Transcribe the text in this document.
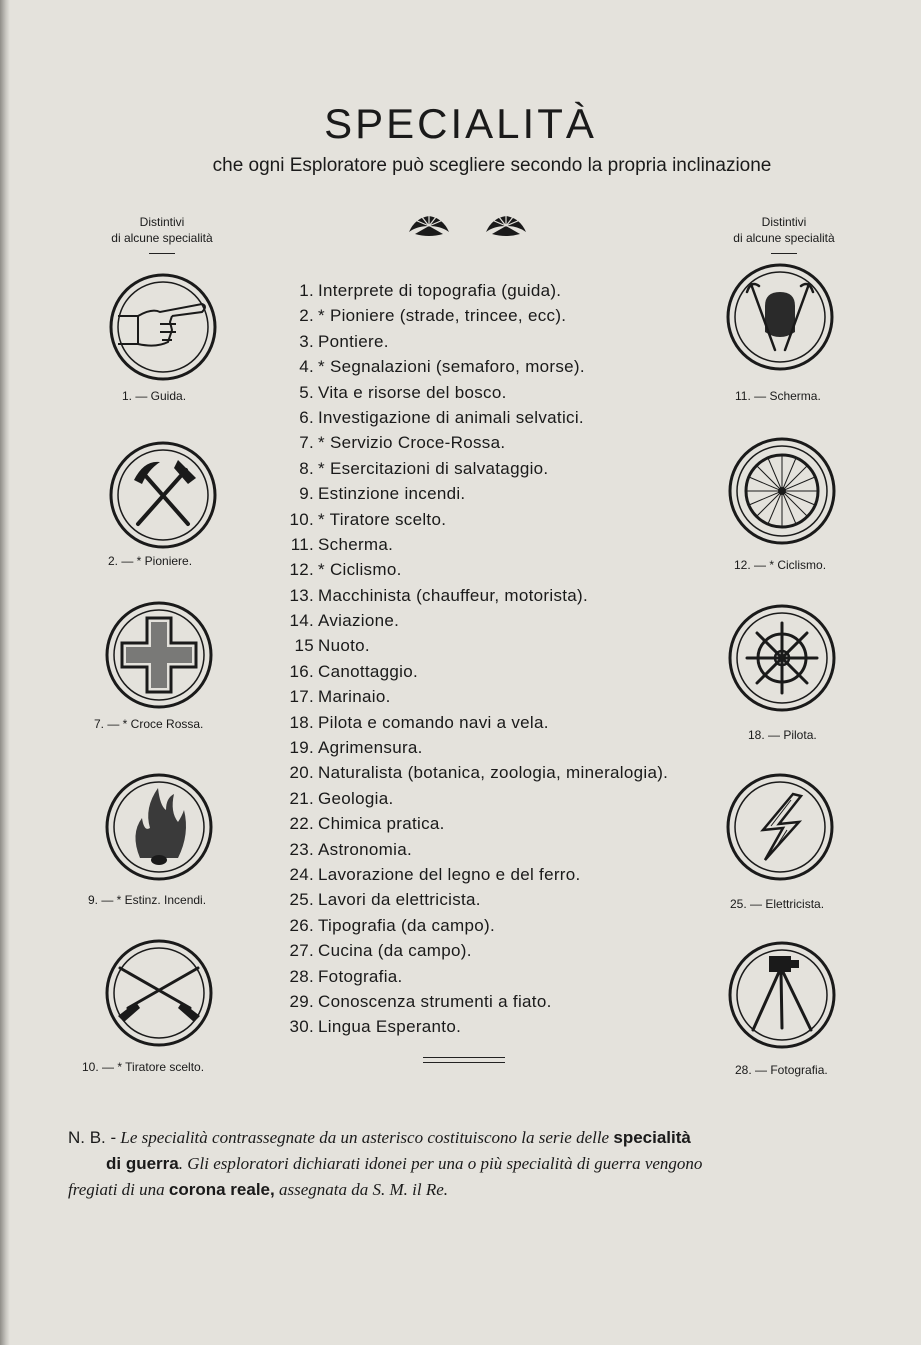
SPECIALITÀ

che ogni Esploratore può scegliere secondo la propria inclinazione

Distintivi
di alcune specialità
Distintivi
di alcune specialità
1. — Guida.
2. — * Pioniere.
7. — * Croce Rossa.
9. — * Estinz. Incendi.
10. — * Tiratore scelto.
11. — Scherma.
12. — * Ciclismo.
18. — Pilota.
25. — Elettricista.
28. — Fotografia.
1. Interprete di topografia (guida).
2. * Pioniere (strade, trincee, ecc).
3. Pontiere.
4. * Segnalazioni (semaforo, morse).
5. Vita e risorse del bosco.
6. Investigazione di animali selvatici.
7. * Servizio Croce-Rossa.
8. * Esercitazioni di salvataggio.
9. Estinzione incendi.
10. * Tiratore scelto.
11. Scherma.
12. * Ciclismo.
13. Macchinista (chauffeur, motorista).
14. Aviazione.
15 Nuoto.
16. Canottaggio.
17. Marinaio.
18. Pilota e comando navi a vela.
19. Agrimensura.
20. Naturalista (botanica, zoologia, mineralogia).
21. Geologia.
22. Chimica pratica.
23. Astronomia.
24. Lavorazione del legno e del ferro.
25. Lavori da elettricista.
26. Tipografia (da campo).
27. Cucina (da campo).
28. Fotografia.
29. Conoscenza strumenti a fiato.
30. Lingua Esperanto.
N. B. - Le specialità contrassegnate da un asterisco costituiscono la serie delle specialità
di guerra. Gli esploratori dichiarati idonei per una o più specialità di guerra vengono
fregiati di una corona reale, assegnata da S. M. il Re.
